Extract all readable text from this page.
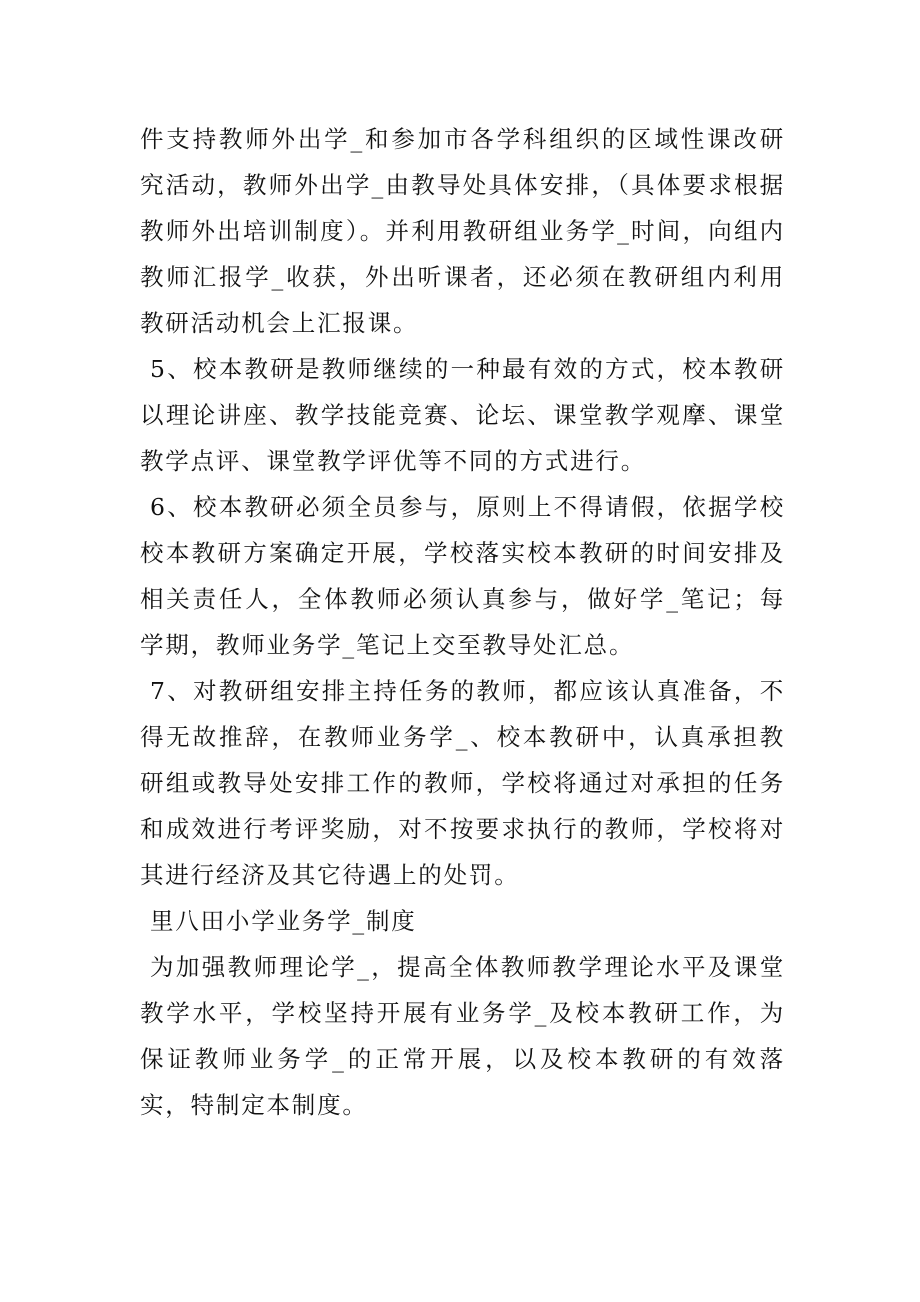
件支持教师外出学_和参加市各学科组织的区域性课改研究活动，教师外出学_由教导处具体安排，（具体要求根据教师外出培训制度）。并利用教研组业务学_时间，向组内教师汇报学_收获，外出听课者，还必须在教研组内利用教研活动机会上汇报课。

5、校本教研是教师继续的一种最有效的方式，校本教研以理论讲座、教学技能竞赛、论坛、课堂教学观摩、课堂教学点评、课堂教学评优等不同的方式进行。

6、校本教研必须全员参与，原则上不得请假，依据学校校本教研方案确定开展，学校落实校本教研的时间安排及相关责任人，全体教师必须认真参与，做好学_笔记；每学期，教师业务学_笔记上交至教导处汇总。

7、对教研组安排主持任务的教师，都应该认真准备，不得无故推辞，在教师业务学_、校本教研中，认真承担教研组或教导处安排工作的教师，学校将通过对承担的任务和成效进行考评奖励，对不按要求执行的教师，学校将对其进行经济及其它待遇上的处罚。

里八田小学业务学_制度

为加强教师理论学_，提高全体教师教学理论水平及课堂教学水平，学校坚持开展有业务学_及校本教研工作，为保证教师业务学_的正常开展，以及校本教研的有效落实，特制定本制度。
